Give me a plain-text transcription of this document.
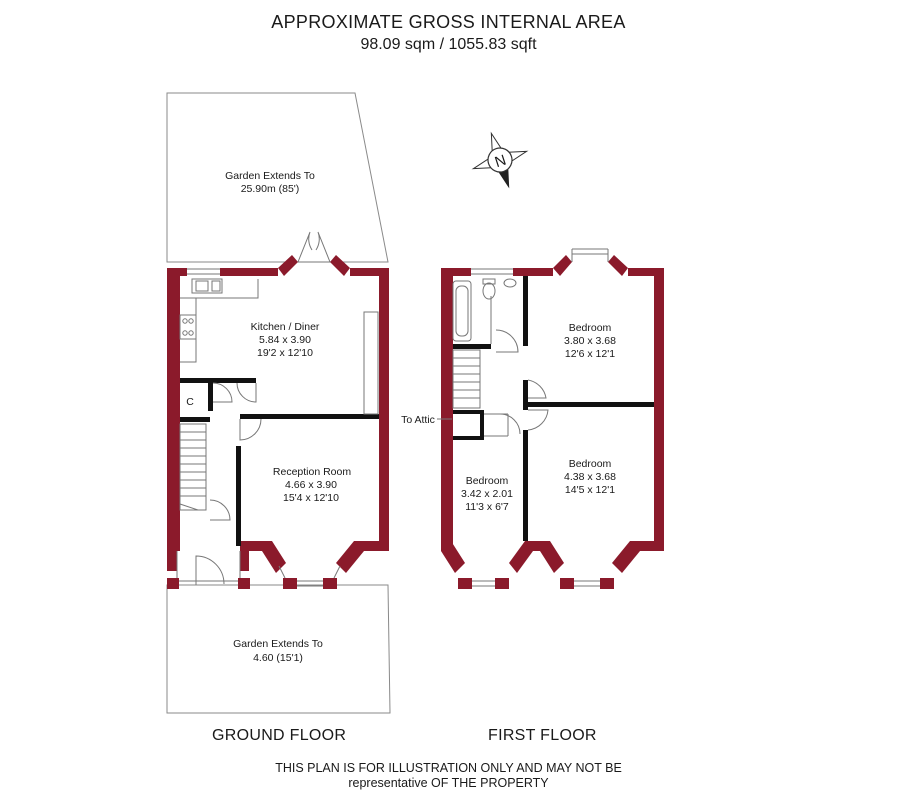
APPROXIMATE GROSS INTERNAL AREA
98.09 sqm / 1055.83 sqft
N
Garden Extends To
25.90m (85')
Garden Extends To
4.60 (15'1)
Kitchen / Diner
5.84 x 3.90
19'2 x 12'10
Reception Room
4.66 x 3.90
15'4 x 12'10
C
To Attic
Bedroom
3.80 x 3.68
12'6 x 12'1
Bedroom
4.38 x 3.68
14'5 x 12'1
Bedroom
3.42 x 2.01
11'3 x 6'7
GROUND FLOOR	FIRST FLOOR
THIS PLAN IS FOR ILLUSTRATION ONLY AND MAY NOT BE
representative OF THE PROPERTY
